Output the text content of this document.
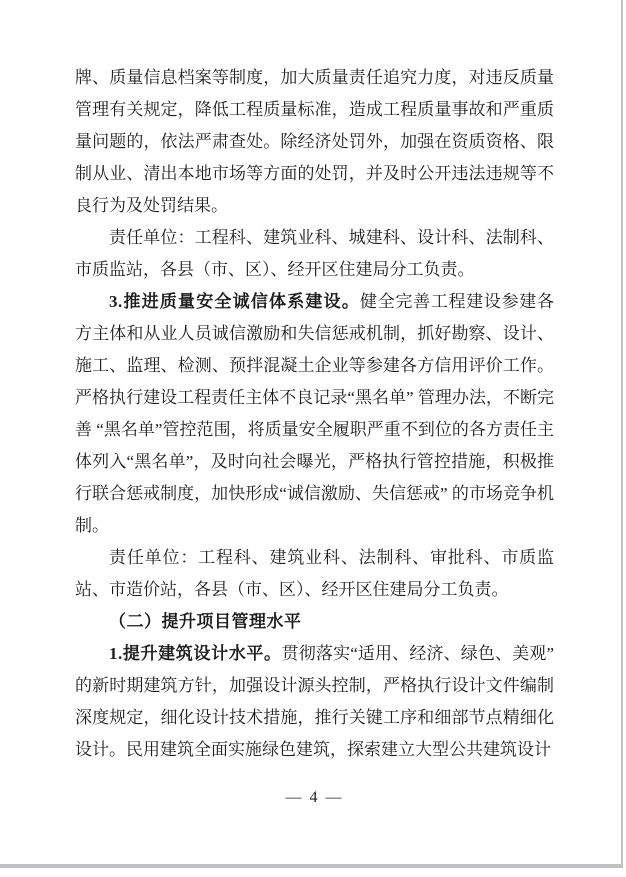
牌、质量信息档案等制度，加大质量责任追究力度，对违反质量管理有关规定，降低工程质量标准，造成工程质量事故和严重质量问题的，依法严肃查处。除经济处罚外，加强在资质资格、限制从业、清出本地市场等方面的处罚，并及时公开违法违规等不良行为及处罚结果。

责任单位：工程科、建筑业科、城建科、设计科、法制科、市质监站，各县（市、区）、经开区住建局分工负责。

3.推进质量安全诚信体系建设。健全完善工程建设参建各方主体和从业人员诚信激励和失信惩戒机制，抓好勘察、设计、施工、监理、检测、预拌混凝土企业等参建各方信用评价工作。严格执行建设工程责任主体不良记录“黑名单” 管理办法，不断完善 “黑名单”管控范围，将质量安全履职严重不到位的各方责任主体列入“黑名单”，及时向社会曝光，严格执行管控措施，积极推行联合惩戒制度，加快形成“诚信激励、失信惩戒” 的市场竞争机制。

责任单位：工程科、建筑业科、法制科、审批科、市质监站、市造价站，各县（市、区）、经开区住建局分工负责。

（二）提升项目管理水平

1.提升建筑设计水平。贯彻落实“适用、经济、绿色、美观”的新时期建筑方针，加强设计源头控制，严格执行设计文件编制深度规定，细化设计技术措施，推行关键工序和细部节点精细化设计。民用建筑全面实施绿色建筑，探索建立大型公共建筑设计

— 4 —
